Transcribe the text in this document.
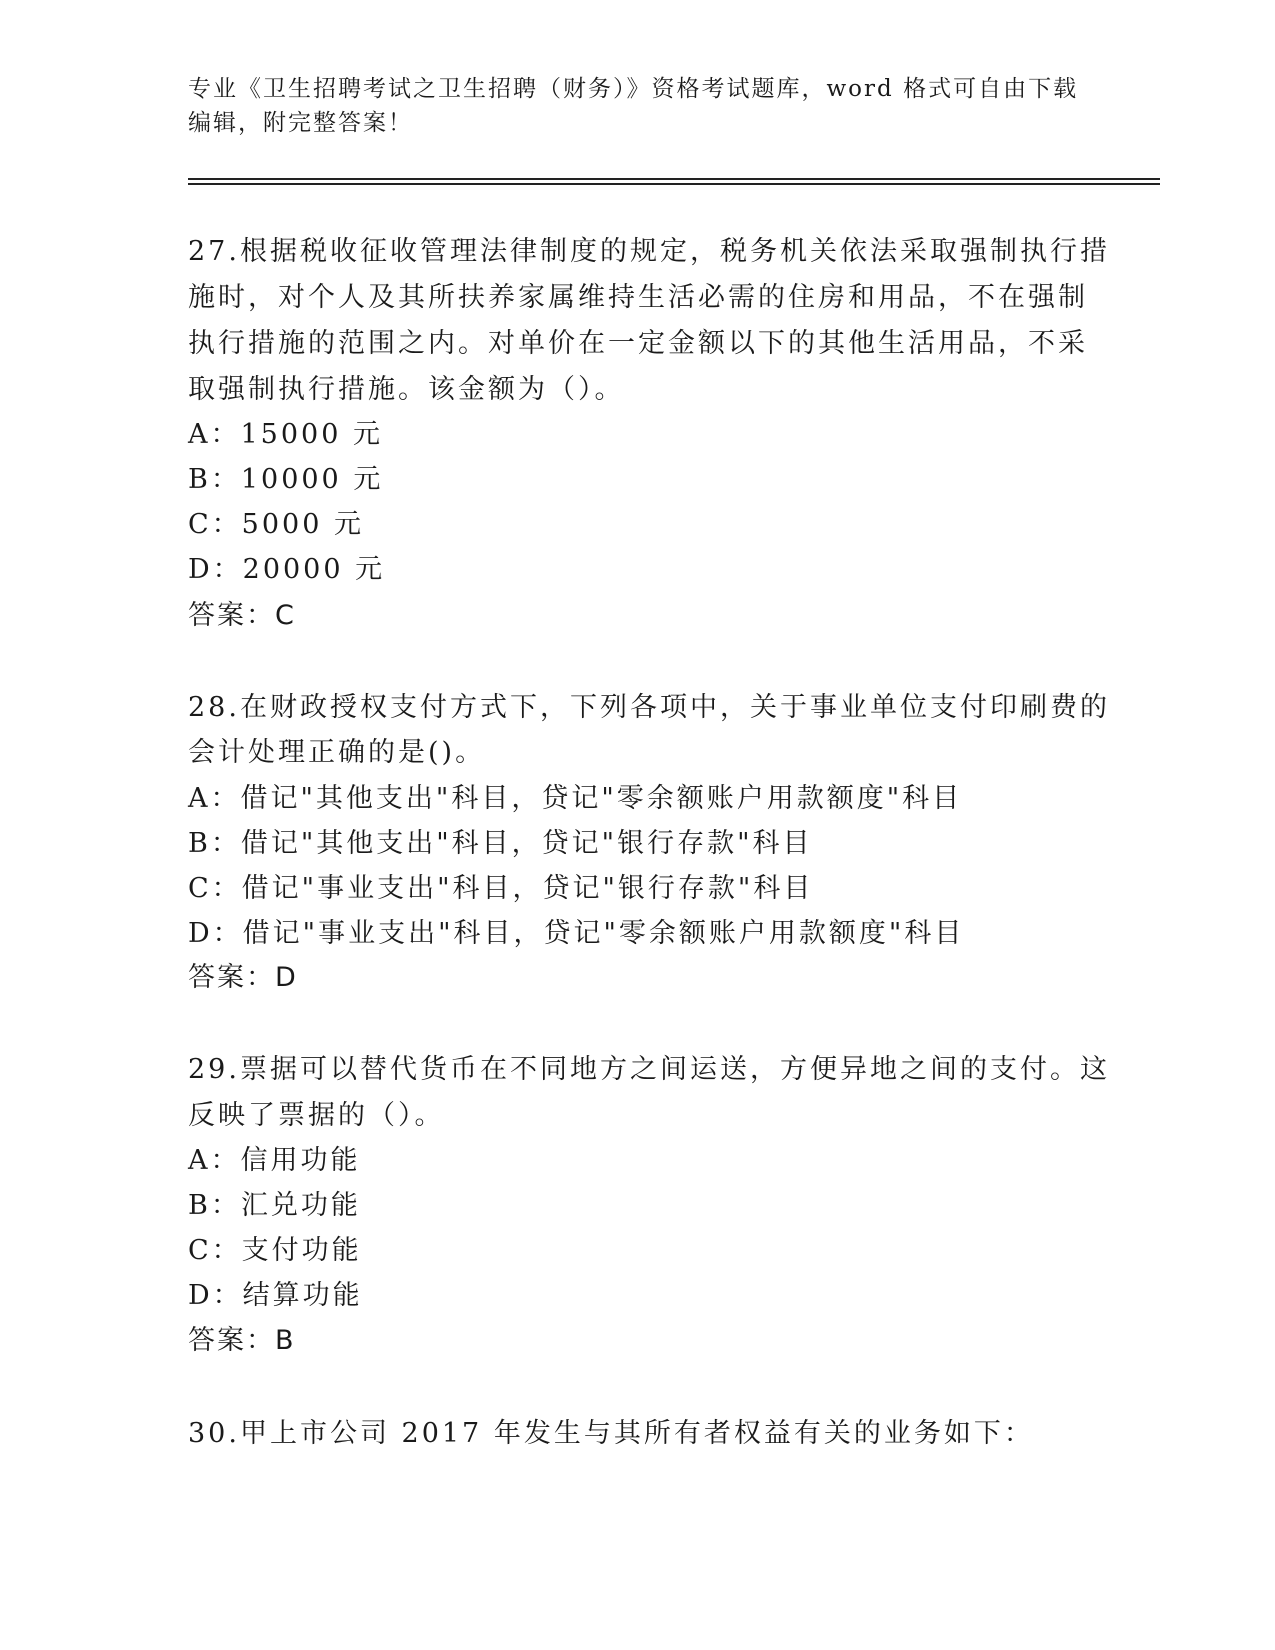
专业《卫生招聘考试之卫生招聘（财务）》资格考试题库，word 格式可自由下载
编辑，附完整答案！
27.根据税收征收管理法律制度的规定，税务机关依法采取强制执行措
施时，对个人及其所扶养家属维持生活必需的住房和用品，不在强制
执行措施的范围之内。对单价在一定金额以下的其他生活用品，不采
取强制执行措施。该金额为（）。
A：15000 元
B：10000 元
C：5000 元
D：20000 元
答案：C
28.在财政授权支付方式下，下列各项中，关于事业单位支付印刷费的
会计处理正确的是()。
A：借记"其他支出"科目，贷记"零余额账户用款额度"科目
B：借记"其他支出"科目，贷记"银行存款"科目
C：借记"事业支出"科目，贷记"银行存款"科目
D：借记"事业支出"科目，贷记"零余额账户用款额度"科目
答案：D
29.票据可以替代货币在不同地方之间运送，方便异地之间的支付。这
反映了票据的（）。
A：信用功能
B：汇兑功能
C：支付功能
D：结算功能
答案：B
30.甲上市公司 2017 年发生与其所有者权益有关的业务如下：
